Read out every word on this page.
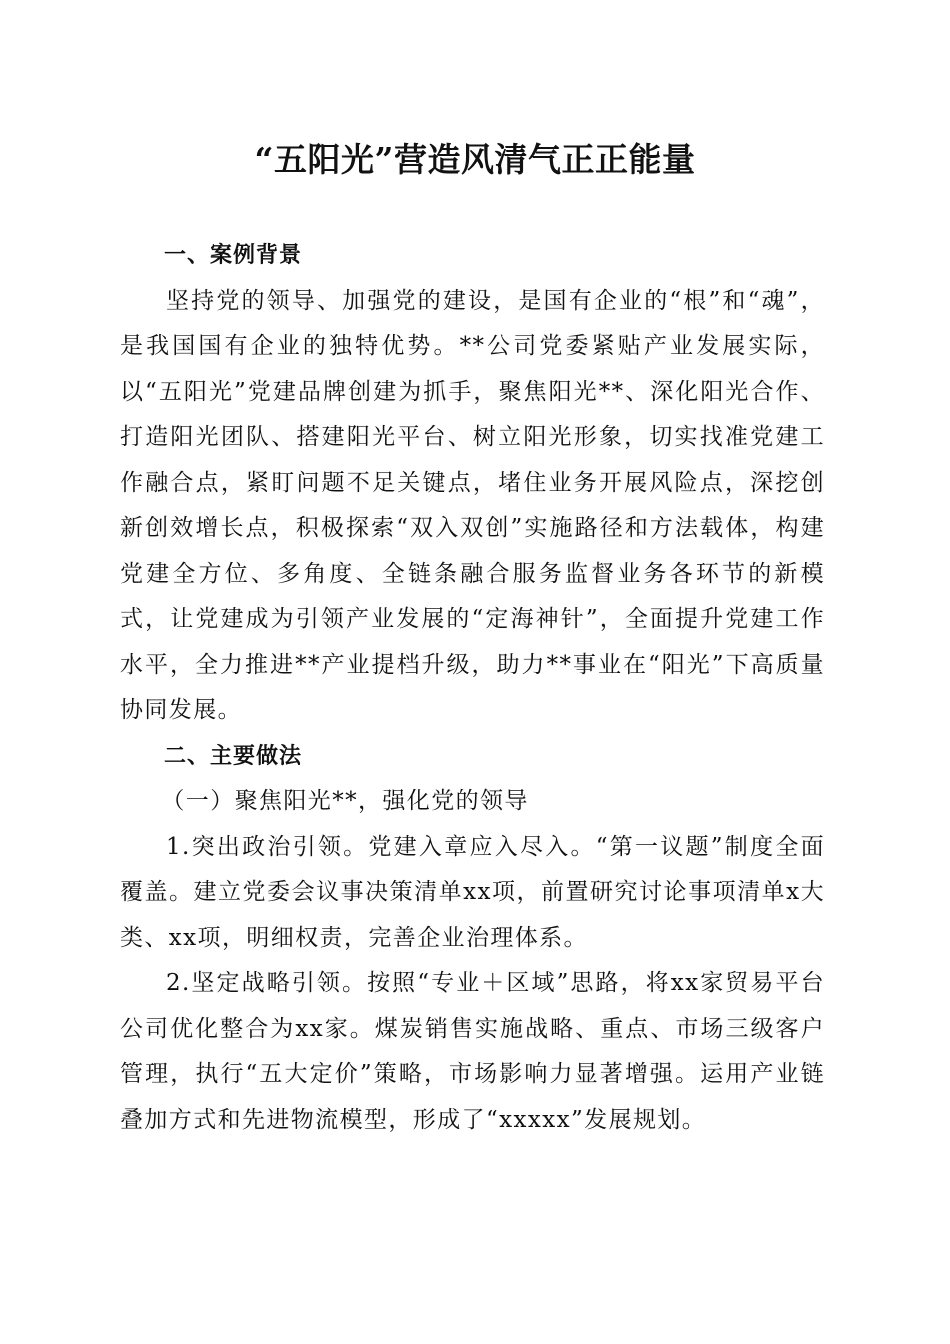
“五阳光”营造风清气正正能量

一、案例背景

坚持党的领导、加强党的建设，是国有企业的“根”和“魂”，是我国国有企业的独特优势。**公司党委紧贴产业发展实际，以“五阳光”党建品牌创建为抓手，聚焦阳光**、深化阳光合作、打造阳光团队、搭建阳光平台、树立阳光形象，切实找准党建工作融合点，紧盯问题不足关键点，堵住业务开展风险点，深挖创新创效增长点，积极探索“双入双创”实施路径和方法载体，构建党建全方位、多角度、全链条融合服务监督业务各环节的新模式，让党建成为引领产业发展的“定海神针”，全面提升党建工作水平，全力推进**产业提档升级，助力**事业在“阳光”下高质量协同发展。

二、主要做法

（一）聚焦阳光**，强化党的领导

1.突出政治引领。党建入章应入尽入。“第一议题”制度全面覆盖。建立党委会议事决策清单xx项，前置研究讨论事项清单x大类、xx项，明细权责，完善企业治理体系。

2.坚定战略引领。按照“专业＋区域”思路，将xx家贸易平台公司优化整合为xx家。煤炭销售实施战略、重点、市场三级客户管理，执行“五大定价”策略，市场影响力显著增强。运用产业链叠加方式和先进物流模型，形成了“xxxxx”发展规划。
